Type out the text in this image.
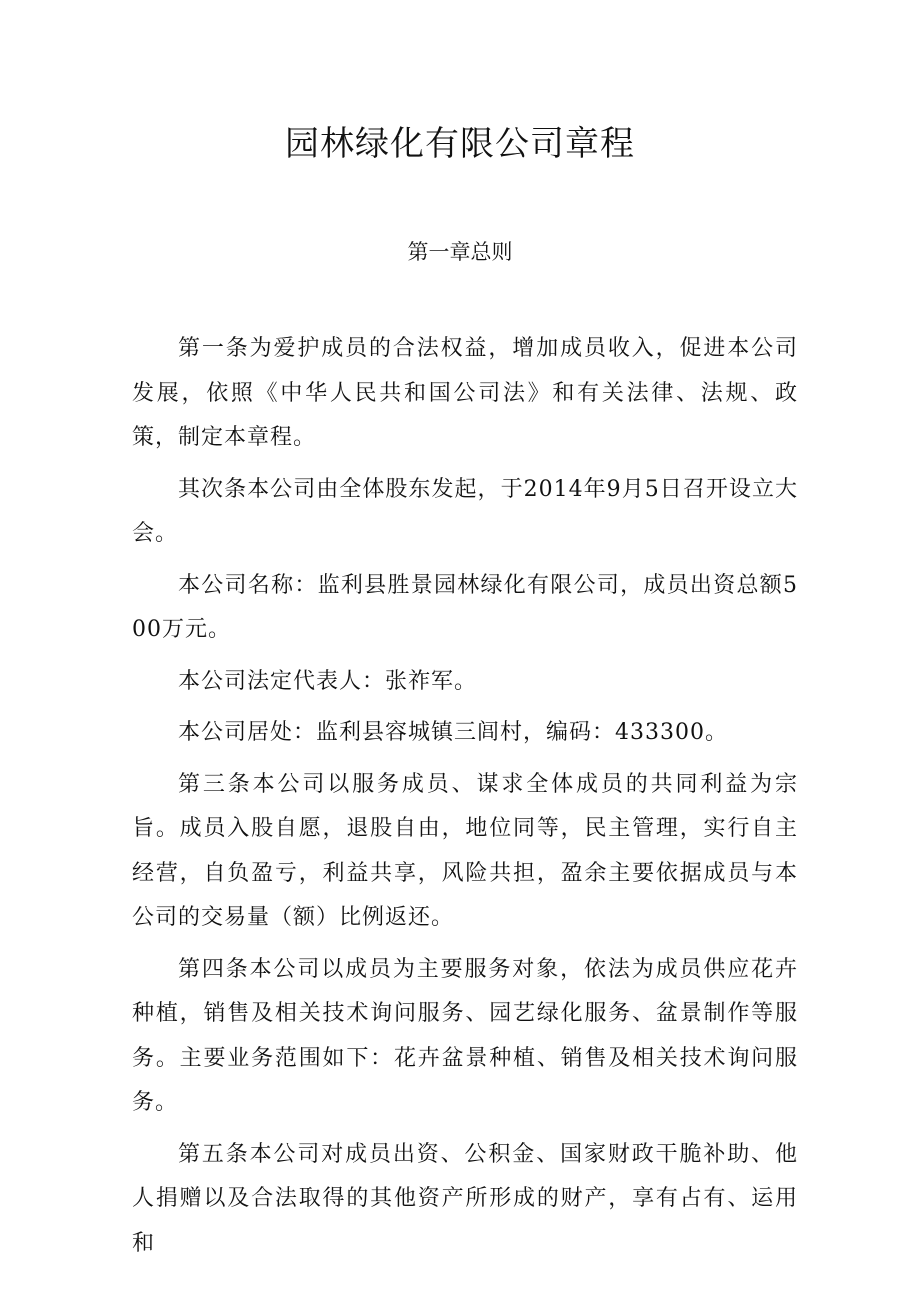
园林绿化有限公司章程
第一章总则

第一条为爱护成员的合法权益，增加成员收入，促进本公司发展，依照《中华人民共和国公司法》和有关法律、法规、政策，制定本章程。

其次条本公司由全体股东发起，于2014年9月5日召开设立大会。

本公司名称：监利县胜景园林绿化有限公司，成员出资总额500万元。

本公司法定代表人：张祚军。

本公司居处：监利县容城镇三闾村，编码：433300。

第三条本公司以服务成员、谋求全体成员的共同利益为宗旨。成员入股自愿，退股自由，地位同等，民主管理，实行自主经营，自负盈亏，利益共享，风险共担，盈余主要依据成员与本公司的交易量（额）比例返还。

第四条本公司以成员为主要服务对象，依法为成员供应花卉种植，销售及相关技术询问服务、园艺绿化服务、盆景制作等服务。主要业务范围如下：花卉盆景种植、销售及相关技术询问服务。

第五条本公司对成员出资、公积金、国家财政干脆补助、他人捐赠以及合法取得的其他资产所形成的财产，享有占有、运用和
